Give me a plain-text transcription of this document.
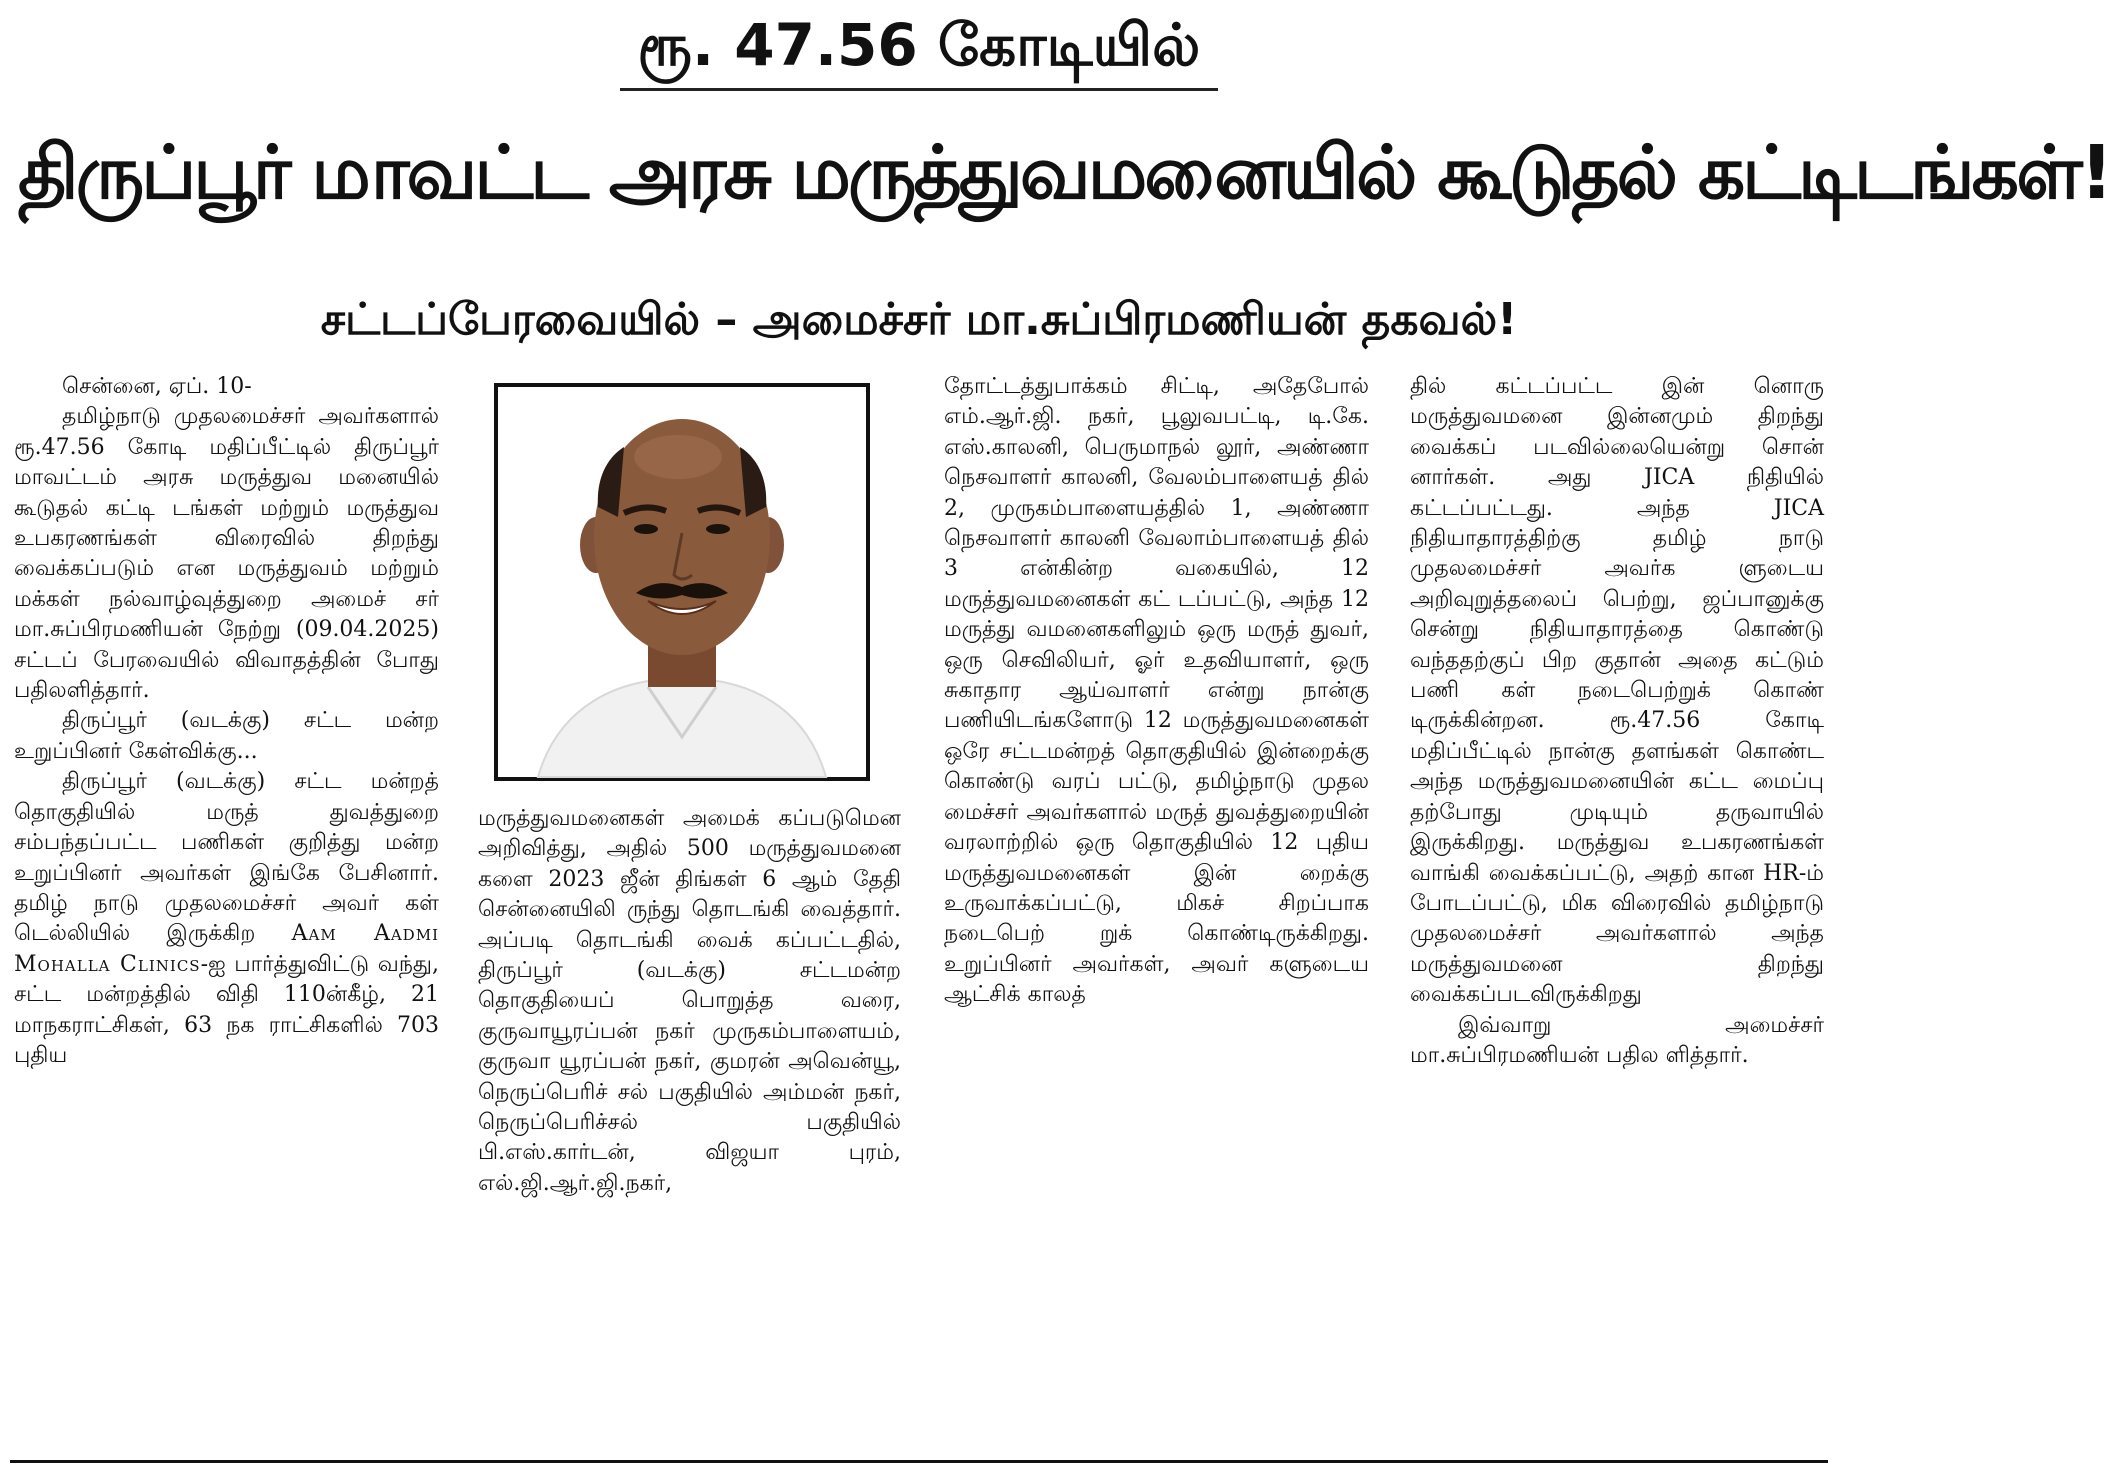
ரூ. 47.56 கோடியில்
திருப்பூர் மாவட்ட அரசு மருத்துவமனையில் கூடுதல் கட்டிடங்கள்!
சட்டப்பேரவையில் – அமைச்சர் மா.சுப்பிரமணியன் தகவல்!

சென்னை, ஏப். 10-

தமிழ்நாடு முதலமைச்சர் அவர்களால் ரூ.47.56 கோடி மதிப்பீட்டில் திருப்பூர் மாவட்டம் அரசு மருத்துவ மனையில் கூடுதல் கட்டி டங்கள் மற்றும் மருத்துவ உபகரணங்கள் விரைவில் திறந்து வைக்கப்படும் என மருத்துவம் மற்றும் மக்கள் நல்வாழ்வுத்துறை அமைச் சர் மா.சுப்பிரமணியன் நேற்று (09.04.2025) சட்டப் பேரவையில் விவாதத்தின் போது பதிலளித்தார்.

திருப்பூர் (வடக்கு) சட்ட மன்ற உறுப்பினர் கேள்விக்கு...

திருப்பூர் (வடக்கு) சட்ட மன்றத் தொகுதியில் மருத் துவத்துறை சம்பந்தப்பட்ட பணிகள் குறித்து மன்ற உறுப்பினர் அவர்கள் இங்கே பேசினார். தமிழ் நாடு முதலமைச்சர் அவர் கள் டெல்லியில் இருக்கிற Aam Aadmi Mohalla Clinics-ஐ பார்த்துவிட்டு வந்து, சட்ட மன்றத்தில் விதி 110ன்கீழ், 21 மாநகராட்சிகள், 63 நக ராட்சிகளில் 703 புதிய

மருத்துவமனைகள் அமைக் கப்படுமென அறிவித்து, அதில் 500 மருத்துவமனை களை 2023 ஜீன் திங்கள் 6 ஆம் தேதி சென்னையிலி ருந்து தொடங்கி வைத்தார். அப்படி தொடங்கி வைக் கப்பட்டதில், திருப்பூர் (வடக்கு) சட்டமன்ற தொகுதியைப் பொறுத்த வரை, குருவாயூரப்பன் நகர் முருகம்பாளையம், குருவா யூரப்பன் நகர், குமரன் அவென்யூ, நெருப்பெரிச் சல் பகுதியில் அம்மன் நகர், நெருப்பெரிச்சல் பகுதியில் பி.எஸ்.கார்டன், விஜயா புரம், எல்.ஜி.ஆர்.ஜி.நகர்,

தோட்டத்துபாக்கம் சிட்டி, அதேபோல் எம்.ஆர்.ஜி. நகர், பூலுவபட்டி, டி.கே. எஸ்.காலனி, பெருமாநல் லூர், அண்ணா நெசவாளர் காலனி, வேலம்பாளையத் தில் 2, முருகம்பாளையத்தில் 1, அண்ணா நெசவாளர் காலனி வேலாம்பாளையத் தில் 3 என்கின்ற வகையில், 12 மருத்துவமனைகள் கட் டப்பட்டு, அந்த 12 மருத்து வமனைகளிலும் ஒரு மருத் துவர், ஒரு செவிலியர், ஓர் உதவியாளர், ஒரு சுகாதார ஆய்வாளர் என்று நான்கு பணியிடங்களோடு 12 மருத்துவமனைகள் ஒரே சட்டமன்றத் தொகுதியில் இன்றைக்கு கொண்டு வரப் பட்டு, தமிழ்நாடு முதல மைச்சர் அவர்களால் மருத் துவத்துறையின் வரலாற்றில் ஒரு தொகுதியில் 12 புதிய மருத்துவமனைகள் இன் றைக்கு உருவாக்கப்பட்டு, மிகச் சிறப்பாக நடைபெற் றுக் கொண்டிருக்கிறது. உறுப்பினர் அவர்கள், அவர் களுடைய ஆட்சிக் காலத்

தில் கட்டப்பட்ட இன் னொரு மருத்துவமனை இன்னமும் திறந்து வைக்கப் படவில்லையென்று சொன் னார்கள். அது JICA நிதியில் கட்டப்பட்டது. அந்த JICA நிதியாதாரத்திற்கு தமிழ் நாடு முதலமைச்சர் அவர்க ளுடைய அறிவுறுத்தலைப் பெற்று, ஜப்பானுக்கு சென்று நிதியாதாரத்தை கொண்டு வந்ததற்குப் பிற குதான் அதை கட்டும் பணி கள் நடைபெற்றுக் கொண் டிருக்கின்றன. ரூ.47.56 கோடி மதிப்பீட்டில் நான்கு தளங்கள் கொண்ட அந்த மருத்துவமனையின் கட்ட மைப்பு தற்போது முடியும் தருவாயில் இருக்கிறது. மருத்துவ உபகரணங்கள் வாங்கி வைக்கப்பட்டு, அதற் கான HR-ம் போடப்பட்டு, மிக விரைவில் தமிழ்நாடு முதலமைச்சர் அவர்களால் அந்த மருத்துவமனை திறந்து வைக்கப்படவிருக்கிறது

இவ்வாறு அமைச்சர் மா.சுப்பிரமணியன் பதில ளித்தார்.
